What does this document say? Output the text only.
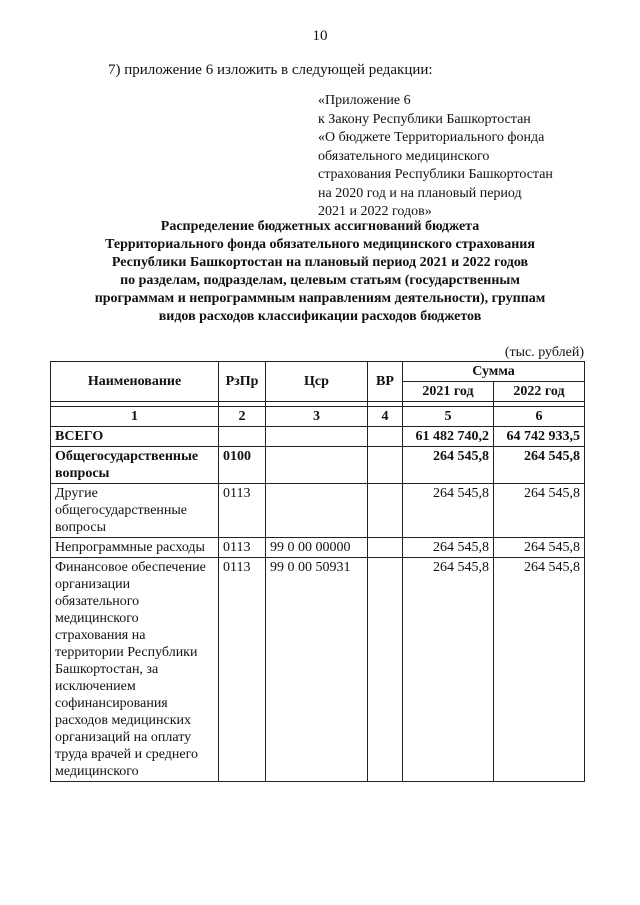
10
7) приложение 6 изложить в следующей редакции:
«Приложение 6
к Закону Республики Башкортостан
«О бюджете Территориального фонда
обязательного медицинского
страхования Республики Башкортостан
на 2020 год и на плановый период
2021 и 2022 годов»
Распределение бюджетных ассигнований бюджета
Территориального фонда обязательного медицинского страхования
Республики Башкортостан на плановый период 2021 и 2022 годов
по разделам, подразделам, целевым статьям (государственным
программам и непрограммным направлениям деятельности), группам
видов расходов классификации расходов бюджетов
(тыс. рублей)
Наименование	РзПр	Цср	ВР	Сумма	
				2021 год	2022 год

1	2	3	4	5	6
ВСЕГО				61 482 740,2	64 742 933,5
Общегосударственные вопросы	0100			264 545,8	264 545,8
Другие общегосударственные вопросы	0113			264 545,8	264 545,8
Непрограммные расходы	0113	99 0 00 00000		264 545,8	264 545,8
Финансовое обеспечение организации обязательного медицинского страхования на территории Республики Башкортостан, за исключением софинансирования расходов медицинских организаций на оплату труда врачей и среднего медицинского	0113	99 0 00 50931		264 545,8	264 545,8
